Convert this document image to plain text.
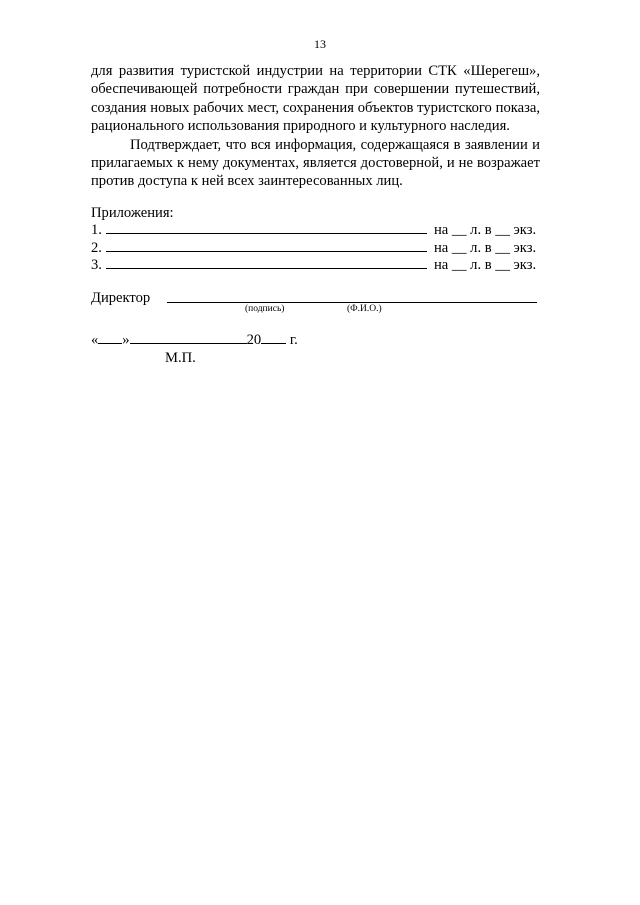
13

для развития туристской индустрии на территории СТК «Шерегеш», обеспечивающей потребности граждан при совершении путешествий, создания новых рабочих мест, сохранения объектов туристского показа, рационального использования природного и культурного наследия.

Подтверждает, что вся информация, содержащаяся в заявлении и прилагаемых к нему документах, является достоверной, и не возражает против доступа к ней всех заинтересованных лиц.

Приложения:
1.	на __ л. в __ экз.
2.	на __ л. в __ экз.
3.	на __ л. в __ экз.
Директор
(подпись)	(Ф.И.О.)
« »	20 г.
М.П.
